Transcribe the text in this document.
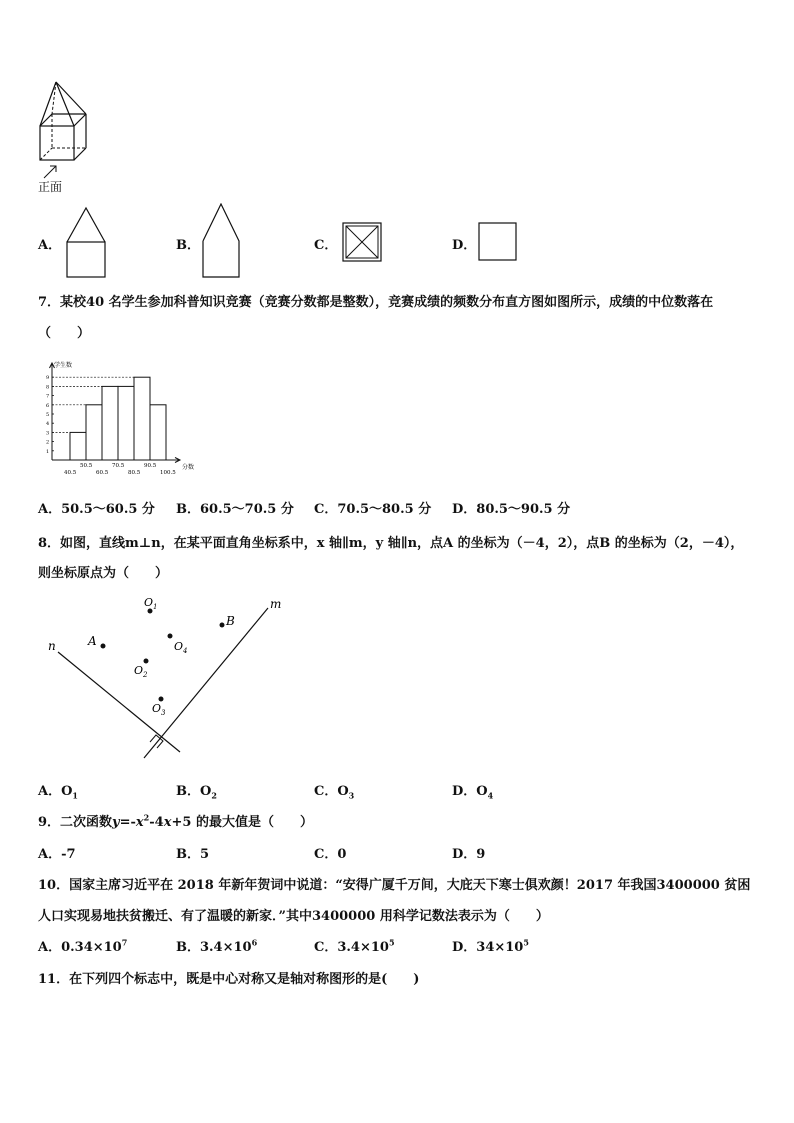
正面
A．	B．	C．	D．
7．某校40 名学生参加科普知识竞赛（竞赛分数都是整数），竞赛成绩的频数分布直方图如图所示，成绩的中位数落在
（　　）
学生数
分数
1
2
3
4
5
6
7
8
9
40.5
50.5
60.5
70.5
80.5
90.5
100.5
A．50.5～60.5 分 B．60.5～70.5 分 C．70.5～80.5 分 D．80.5～90.5 分
8．如图，直线m⊥n，在某平面直角坐标系中，x 轴∥m，y 轴∥n，点A 的坐标为（－4，2），点B 的坐标为（2，－4），
则坐标原点为（　　）
m
n
$O_1$
A
B
$O_4$
$O_2$
$O_3$
A．$O_1$	B．$O_2$	C．$O_3$	D．$O_4$
9．二次函数$y=-x^2-4x+5$ 的最大值是（　　）
A．-7	B．5	C．0	D．9
10．国家主席习近平在 2018 年新年贺词中说道：“安得广厦千万间，大庇天下寒士俱欢颜！2017 年我国3400000 贫困
人口实现易地扶贫搬迁、有了温暖的新家．”其中3400000 用科学记数法表示为（　　）
A．$0.34\times 10^7$	B．$3.4\times 10^6$	C．$3.4\times 10^5$	D．$34\times 10^5$
11．在下列四个标志中，既是中心对称又是轴对称图形的是(　　)
